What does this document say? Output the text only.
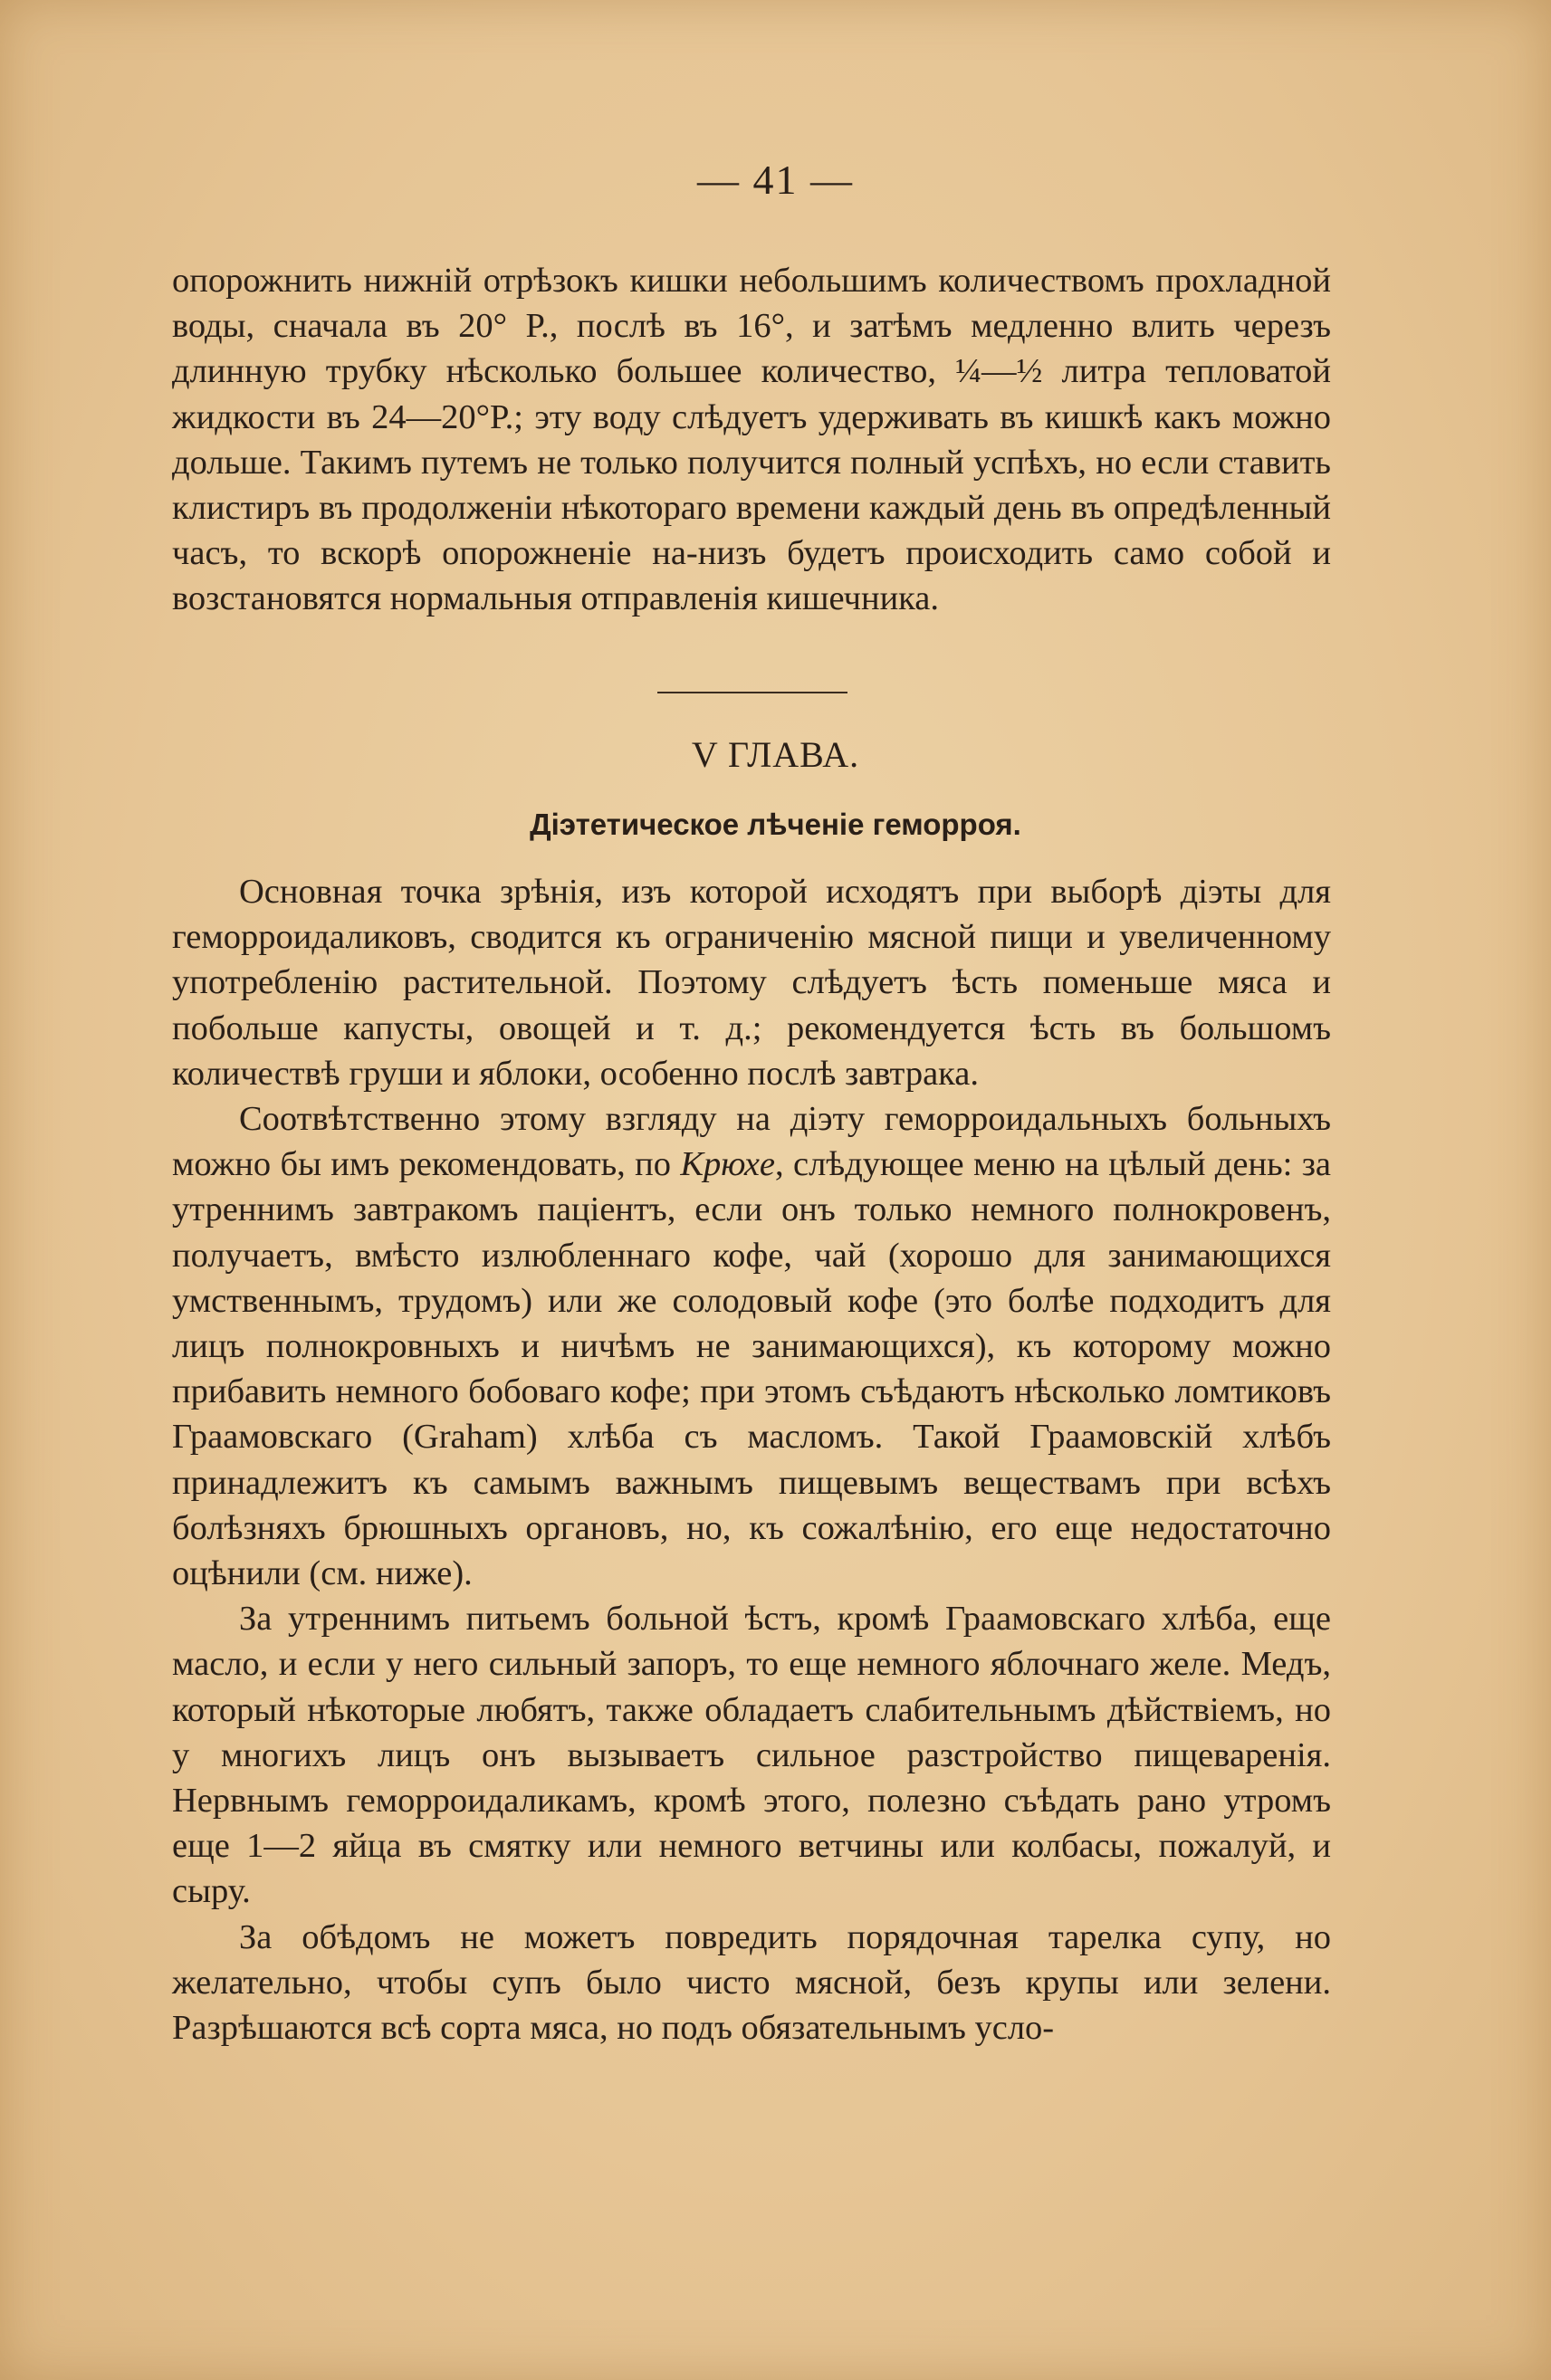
— 41 —

опорожнить нижній отрѣзокъ кишки небольшимъ количествомъ прохладной воды, сначала въ 20° Р., послѣ въ 16°, и затѣмъ медленно влить черезъ длинную трубку нѣсколько большее количество, ¼—½ литра тепловатой жидкости въ 24—20°Р.; эту воду слѣдуетъ удерживать въ кишкѣ какъ можно дольше. Такимъ путемъ не только получится полный успѣхъ, но если ставить клистиръ въ продолженіи нѣкотораго времени каждый день въ опредѣленный часъ, то вскорѣ опорожненіе на-низъ будетъ происходить само собой и возстановятся нормальныя отправленія кишечника.

V ГЛАВА.
Діэтетическое лѣченіе геморроя.

Основная точка зрѣнія, изъ которой исходятъ при выборѣ діэты для геморроидаликовъ, сводится къ ограниченію мясной пищи и увеличенному употребленію растительной. Поэтому слѣдуетъ ѣсть поменьше мяса и побольше капусты, овощей и т. д.; рекомендуется ѣсть въ большомъ количествѣ груши и яблоки, особенно послѣ завтрака.

Соотвѣтственно этому взгляду на діэту геморроидальныхъ больныхъ можно бы имъ рекомендовать, по Крюхе, слѣдующее меню на цѣлый день: за утреннимъ завтракомъ паціентъ, если онъ только немного полнокровенъ, получаетъ, вмѣсто излюбленнаго кофе, чай (хорошо для занимающихся умственнымъ, трудомъ) или же солодовый кофе (это болѣе подходитъ для лицъ полнокровныхъ и ничѣмъ не занимающихся), къ которому можно прибавить немного бобоваго кофе; при этомъ съѣдаютъ нѣсколько ломтиковъ Граамовскаго (Graham) хлѣба съ масломъ. Такой Граамовскій хлѣбъ принадлежитъ къ самымъ важнымъ пищевымъ веществамъ при всѣхъ болѣзняхъ брюшныхъ органовъ, но, къ сожалѣнію, его еще недостаточно оцѣнили (см. ниже).

За утреннимъ питьемъ больной ѣстъ, кромѣ Граамовскаго хлѣба, еще масло, и если у него сильный запоръ, то еще немного яблочнаго желе. Медъ, который нѣкоторые любятъ, также обладаетъ слабительнымъ дѣйствіемъ, но у многихъ лицъ онъ вызываетъ сильное разстройство пищеваренія. Нервнымъ геморроидаликамъ, кромѣ этого, полезно съѣдать рано утромъ еще 1—2 яйца въ смятку или немного ветчины или колбасы, пожалуй, и сыру.

За обѣдомъ не можетъ повредить порядочная тарелка супу, но желательно, чтобы супъ было чисто мясной, безъ крупы или зелени. Разрѣшаются всѣ сорта мяса, но подъ обязательнымъ усло-
